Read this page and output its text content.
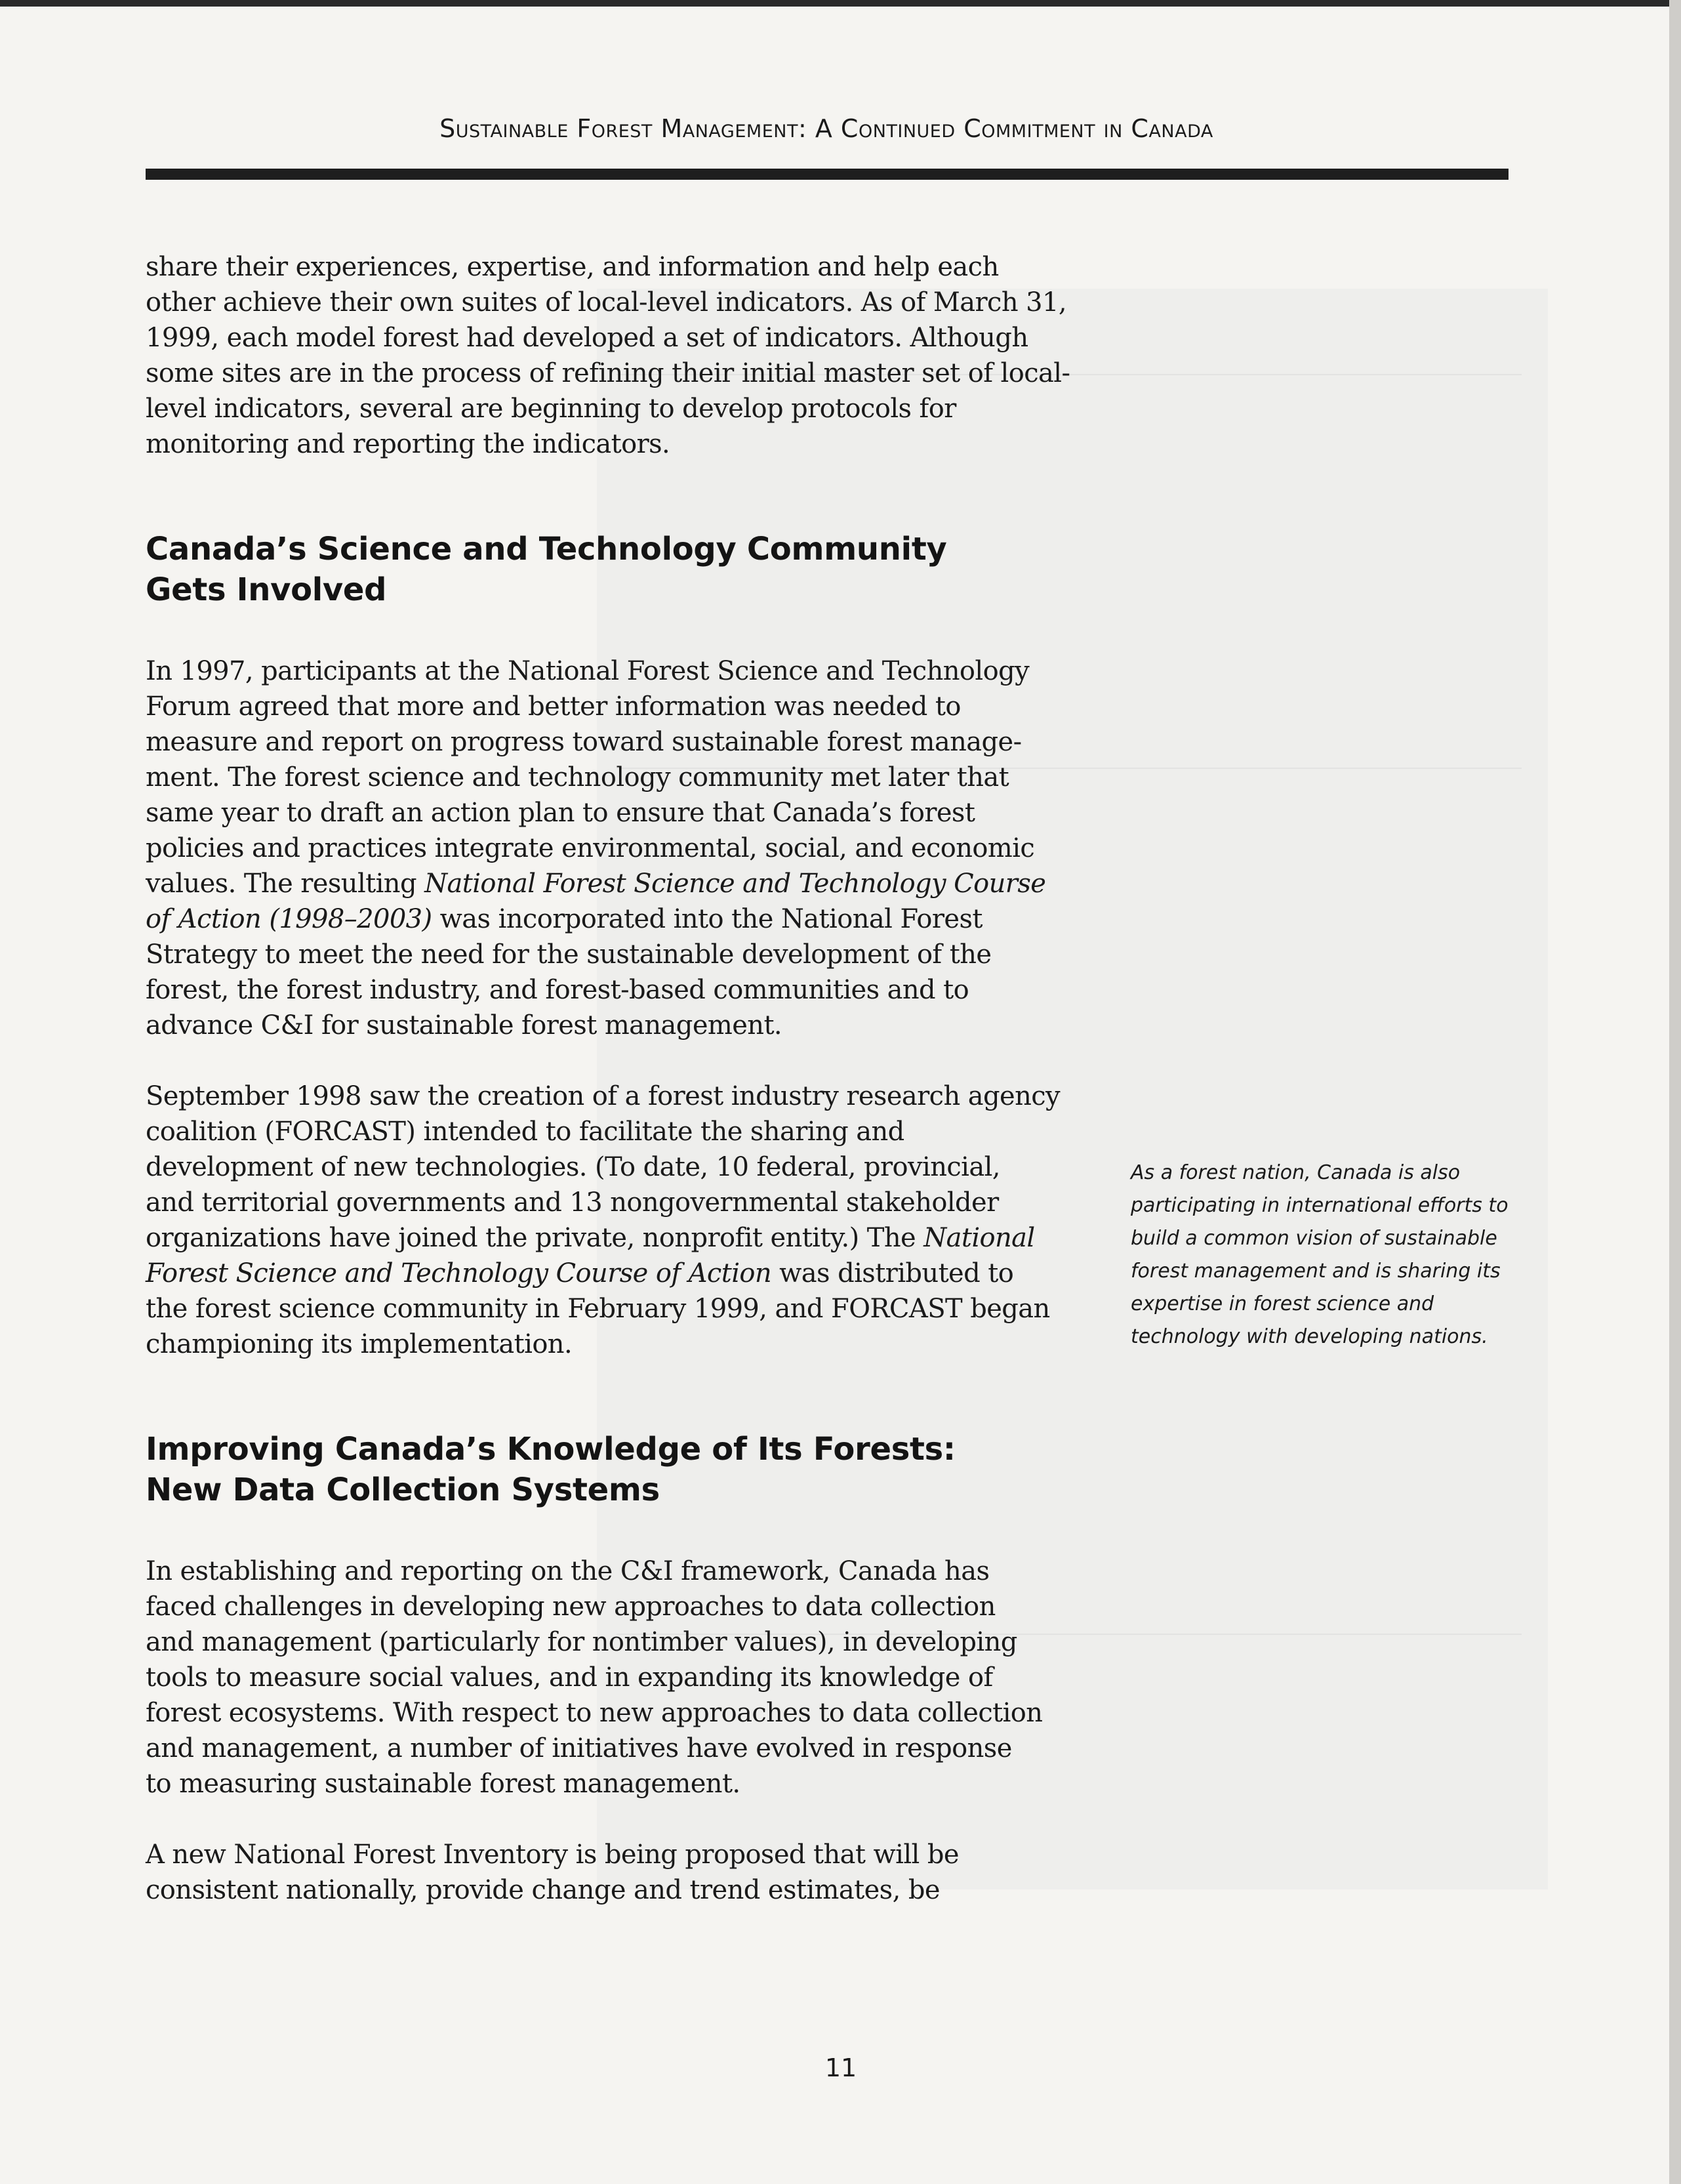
Sustainable Forest Management: A Continued Commitment in Canada

share their experiences, expertise, and information and help each
other achieve their own suites of local-level indicators. As of March 31,
1999, each model forest had developed a set of indicators. Although
some sites are in the process of refining their initial master set of local-
level indicators, several are beginning to develop protocols for
monitoring and reporting the indicators.

Canada’s Science and Technology Community
Gets Involved

In 1997, participants at the National Forest Science and Technology
Forum agreed that more and better information was needed to
measure and report on progress toward sustainable forest manage-
ment. The forest science and technology community met later that
same year to draft an action plan to ensure that Canada’s forest
policies and practices integrate environmental, social, and economic
values. The resulting National Forest Science and Technology Course
of Action (1998–2003) was incorporated into the National Forest
Strategy to meet the need for the sustainable development of the
forest, the forest industry, and forest-based communities and to
advance C&I for sustainable forest management.

September 1998 saw the creation of a forest industry research agency
coalition (FORCAST) intended to facilitate the sharing and
development of new technologies. (To date, 10 federal, provincial,
and territorial governments and 13 nongovernmental stakeholder
organizations have joined the private, nonprofit entity.) The National
Forest Science and Technology Course of Action was distributed to
the forest science community in February 1999, and FORCAST began
championing its implementation.

Improving Canada’s Knowledge of Its Forests:
New Data Collection Systems

In establishing and reporting on the C&I framework, Canada has
faced challenges in developing new approaches to data collection
and management (particularly for nontimber values), in developing
tools to measure social values, and in expanding its knowledge of
forest ecosystems. With respect to new approaches to data collection
and management, a number of initiatives have evolved in response
to measuring sustainable forest management.

A new National Forest Inventory is being proposed that will be
consistent nationally, provide change and trend estimates, be

As a forest nation, Canada is also
participating in international efforts to
build a common vision of sustainable
forest management and is sharing its
expertise in forest science and
technology with developing nations.
11
